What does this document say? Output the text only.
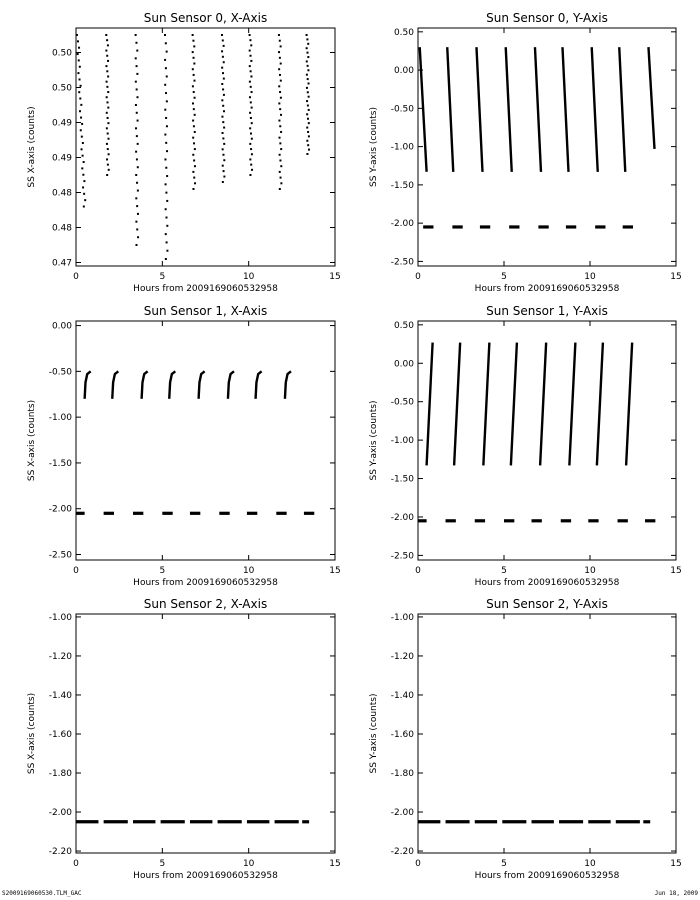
Sun Sensor 0, X-Axis
0	5	10	15
Hours from 2009169060532958
0.47
0.48
0.48
0.49
0.49
0.50
0.50
SS X-axis (counts)
Sun Sensor 0, Y-Axis
0	5	10	15
Hours from 2009169060532958
-2.50
-2.00
-1.50
-1.00
-0.50
0.00
0.50
SS Y-axis (counts)
Sun Sensor 1, X-Axis
0	5	10	15
Hours from 2009169060532958
-2.50
-2.00
-1.50
-1.00
-0.50
0.00
SS X-axis (counts)
Sun Sensor 1, Y-Axis
0	5	10	15
Hours from 2009169060532958
-2.50
-2.00
-1.50
-1.00
-0.50
0.00
0.50
SS Y-axis (counts)
Sun Sensor 2, X-Axis
0	5	10	15
Hours from 2009169060532958
-2.20
-2.00
-1.80
-1.60
-1.40
-1.20
-1.00
SS X-axis (counts)
Sun Sensor 2, Y-Axis
0	5	10	15
Hours from 2009169060532958
-2.20
-2.00
-1.80
-1.60
-1.40
-1.20
-1.00
SS Y-axis (counts)
S2009169060530.TLM_GAC	Jun 18, 2009
